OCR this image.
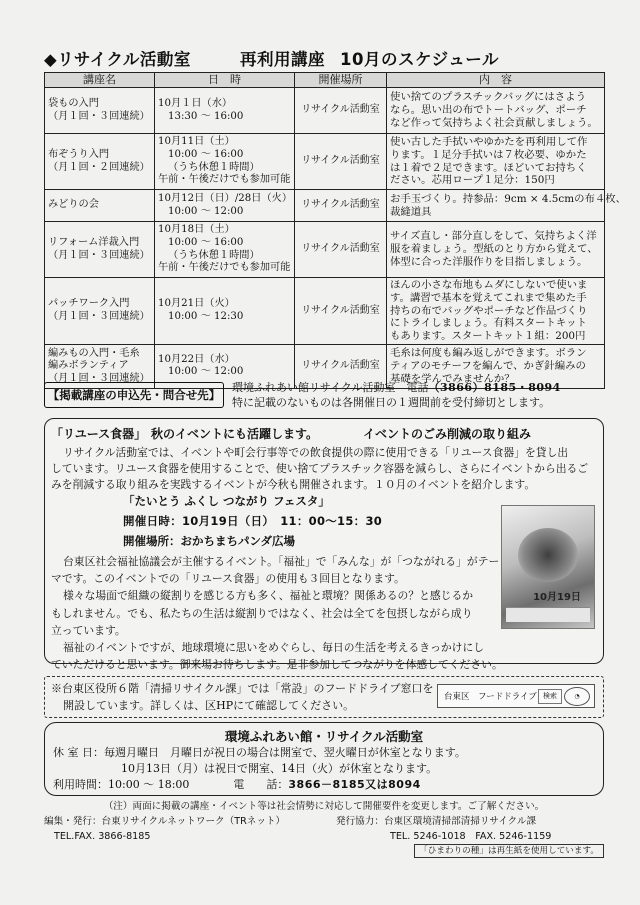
◆リサイクル活動室	再利用講座 10月のスケジュール
講座名	日　時	開催場所	内　容

袋もの入門
（月１回・３回連続）	10月１日（水）
13:30 ～ 16:00	リサイクル活動室	使い捨てのプラスチックバッグにはさよう
なら。思い出の布でトートバッグ、ポーチ
など作って気持ちよく社会貢献しましょう。

布ぞうり入門
（月１回・２回連続）	10月11日（土）
10:00 ～ 16:00
（うち休憩１時間）
午前・午後だけでも参加可能	リサイクル活動室	使い古した手拭いやゆかたを再利用して作
ります。１足分手拭いは７枚必要、ゆかた
は１着で２足できます。ほどいてお持ちく
ださい。芯用ロープ１足分：150円

みどりの会	10月12日（日）/28日（火）
10:00 ～ 12:00	リサイクル活動室	お手玉づくり。持参品：9cm × 4.5cmの布４枚、
裁縫道具

リフォーム洋裁入門
（月１回・３回連続）	10月18日（土）
10:00 ～ 16:00
（うち休憩１時間）
午前・午後だけでも参加可能	リサイクル活動室	サイズ直し・部分直しをして、気持ちよく洋
服を着ましょう。型紙のとり方から覚えて、
体型に合った洋服作りを目指しましょう。

パッチワーク入門
（月１回・３回連続）	10月21日（火）
10:00 ～ 12:30	リサイクル活動室	ほんの小さな布地もムダにしないで使いま
す。講習で基本を覚えてこれまで集めた手
持ちの布でバッグやポーチなど作品づくり
にトライしましょう。有料スタートキット
もあります。スタートキット１組：200円

編みもの入門・毛糸
編みボランティア
（月１回・３回連続）	10月22日（水）
10:00 ～ 12:00	リサイクル活動室	毛糸は何度も編み返しができます。ボラン
ティアのモチーフを編んで、かぎ針編みの
基礎を学んでみませんか？
【掲載講座の申込先・問合せ先】
環境ふれあい館リサイクル活動室　電話（3866）8185・8094
特に記載のないものは各開催日の１週間前を受付締切とします。
「リユース食器」 秋のイベントにも活躍します。	イベントのごみ削減の取り組み
リサイクル活動室では、イベントや町会行事等での飲食提供の際に使用できる「リユース食器」を貸し出
しています。リユース食器を使用することで、使い捨てプラスチック容器を減らし、さらにイベントから出るご
みを削減する取り組みを実践するイベントが今秋も開催されます。１０月のイベントを紹介します。
「たいとう ふくし つながり フェスタ」
開催日時：10月19日（日）　11：00～15：30
開催場所：おかちまちパンダ広場
台東区社会福祉協議会が主催するイベント。「福祉」で「みんな」が「つながれる」がテー
マです。このイベントでの「リユース食器」の使用も３回目となります。
様々な場面で組織の縦割りを感じる方も多く、福祉と環境？関係あるの？と感じるか
もしれません。でも、私たちの生活は縦割りではなく、社会は全てを包摂しながら成り
立っています。
福祉のイベントですが、地球環境に思いをめぐらし、毎日の生活を考えるきっかけにし
ていただけると思います。御来場お待ちします。是非参加してつながりを体感してください。
10月19日
※台東区役所６階「清掃リサイクル課」では「常設」のフードドライブ窓口を
開設しています。詳しくは、区HPにて確認してください。
台東区　フードドライブ 検索	◔
環境ふれあい館・リサイクル活動室
休 室 日：毎週月曜日　月曜日が祝日の場合は開室で、翌火曜日が休室となります。
10月13日（月）は祝日で開室、14日（火）が休室となります。
利用時間：10:00 ～ 18:00　　　　電　　話：3866－8185又は8094
（注）両面に掲載の講座・イベント等は社会情勢に対応して開催要件を変更します。ご了解ください。
編集・発行：台東リサイクルネットワーク（TRネット）
TEL.FAX. 3866-8185
発行協力：台東区環境清掃部清掃リサイクル課
TEL. 5246-1018　FAX. 5246-1159
「ひまわりの種」は再生紙を使用しています。
